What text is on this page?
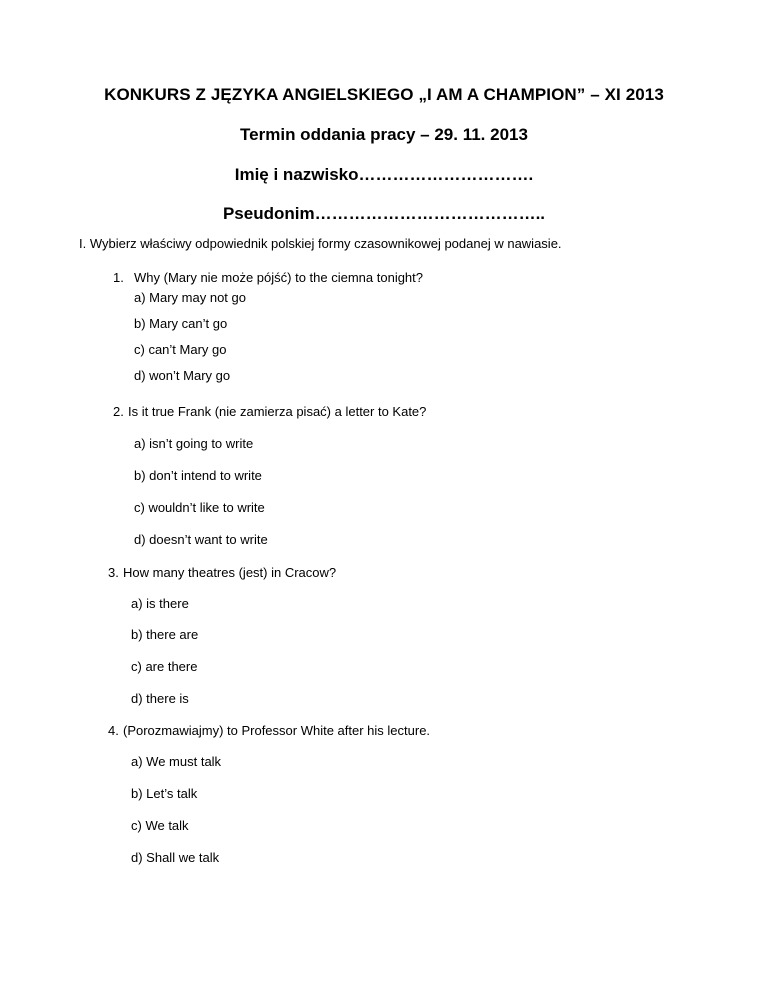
KONKURS Z JĘZYKA ANGIELSKIEGO „I AM A CHAMPION” – XI 2013
Termin oddania pracy – 29. 11. 2013
Imię i nazwisko………………………….
Pseudonim…………………………………..
I. Wybierz właściwy odpowiednik polskiej formy czasownikowej podanej w nawiasie.
1. Why (Mary nie może pójść) to the ciemna tonight?
a) Mary may not go
b) Mary can’t go
c) can’t Mary go
d) won’t Mary go
2. Is it true Frank (nie zamierza pisać) a letter to Kate?
a) isn’t going to write
b) don’t intend to write
c) wouldn’t like to write
d) doesn’t want to write
3. How many theatres (jest) in Cracow?
a) is there
b) there are
c) are there
d) there is
4. (Porozmawiajmy) to Professor White after his lecture.
a) We must talk
b) Let’s talk
c) We talk
d) Shall we talk
